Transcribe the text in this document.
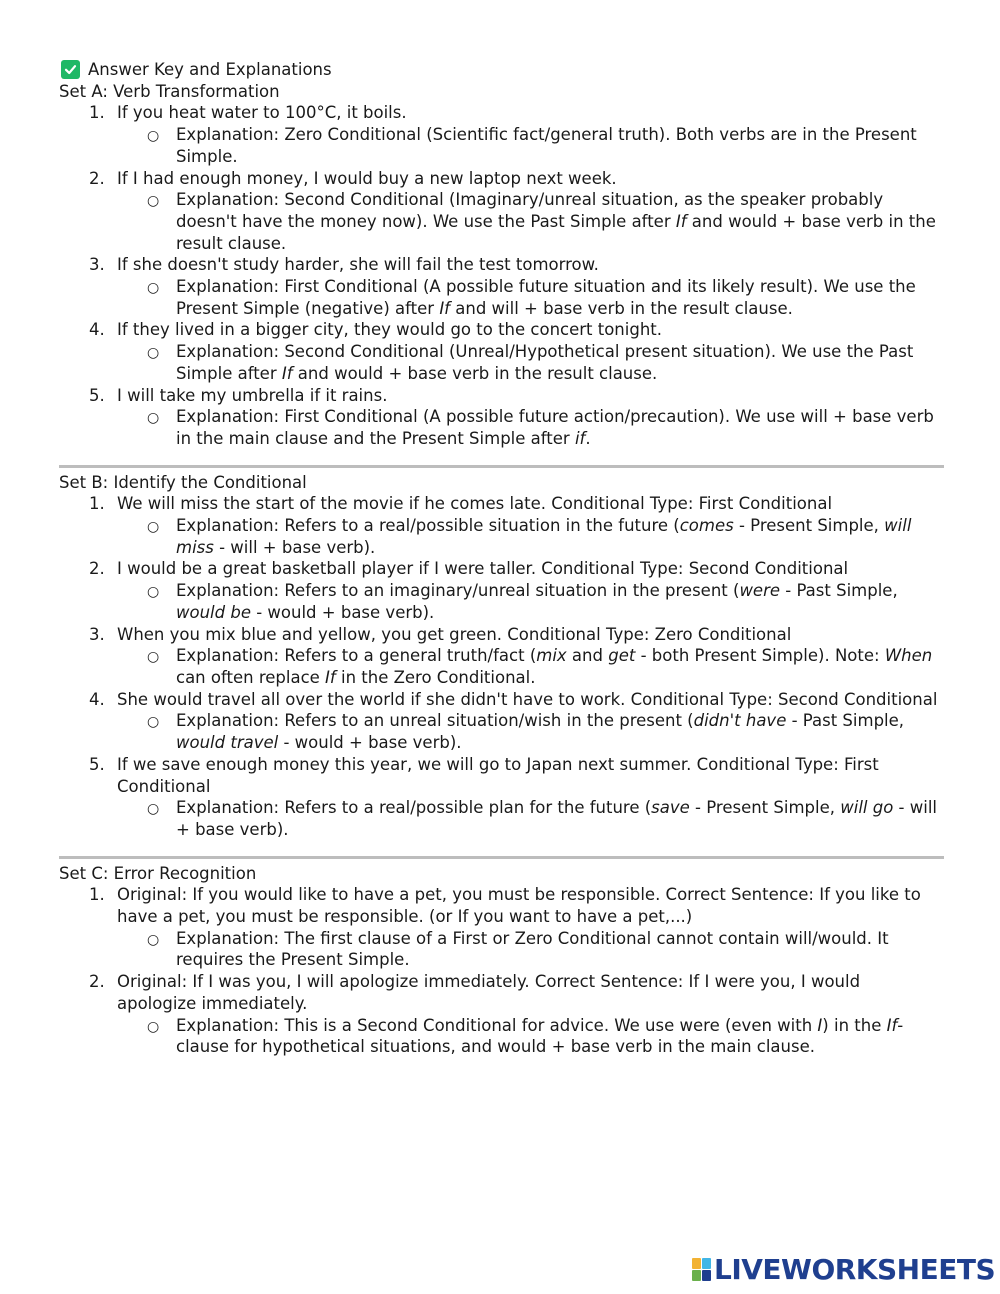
Answer Key and Explanations
Set A: Verb Transformation
1. If you heat water to 100°C, it boils.
○ Explanation: Zero Conditional (Scientific fact/general truth). Both verbs are in the Present Simple.
2. If I had enough money, I would buy a new laptop next week.
○ Explanation: Second Conditional (Imaginary/unreal situation, as the speaker probably doesn't have the money now). We use the Past Simple after If and would + base verb in the result clause.
3. If she doesn't study harder, she will fail the test tomorrow.
○ Explanation: First Conditional (A possible future situation and its likely result). We use the Present Simple (negative) after If and will + base verb in the result clause.
4. If they lived in a bigger city, they would go to the concert tonight.
○ Explanation: Second Conditional (Unreal/Hypothetical present situation). We use the Past Simple after If and would + base verb in the result clause.
5. I will take my umbrella if it rains.
○ Explanation: First Conditional (A possible future action/precaution). We use will + base verb in the main clause and the Present Simple after if.
Set B: Identify the Conditional
1. We will miss the start of the movie if he comes late. Conditional Type: First Conditional
○ Explanation: Refers to a real/possible situation in the future (comes - Present Simple, will miss - will + base verb).
2. I would be a great basketball player if I were taller. Conditional Type: Second Conditional
○ Explanation: Refers to an imaginary/unreal situation in the present (were - Past Simple, would be - would + base verb).
3. When you mix blue and yellow, you get green. Conditional Type: Zero Conditional
○ Explanation: Refers to a general truth/fact (mix and get - both Present Simple). Note: When can often replace If in the Zero Conditional.
4. She would travel all over the world if she didn't have to work. Conditional Type: Second Conditional
○ Explanation: Refers to an unreal situation/wish in the present (didn't have - Past Simple, would travel - would + base verb).
5. If we save enough money this year, we will go to Japan next summer. Conditional Type: First Conditional
○ Explanation: Refers to a real/possible plan for the future (save - Present Simple, will go - will + base verb).
Set C: Error Recognition
1. Original: If you would like to have a pet, you must be responsible. Correct Sentence: If you like to have a pet, you must be responsible. (or If you want to have a pet,...)
○ Explanation: The first clause of a First or Zero Conditional cannot contain will/would. It requires the Present Simple.
2. Original: If I was you, I will apologize immediately. Correct Sentence: If I were you, I would apologize immediately.
○ Explanation: This is a Second Conditional for advice. We use were (even with I) in the If-clause for hypothetical situations, and would + base verb in the main clause.
LIVEWORKSHEETS
